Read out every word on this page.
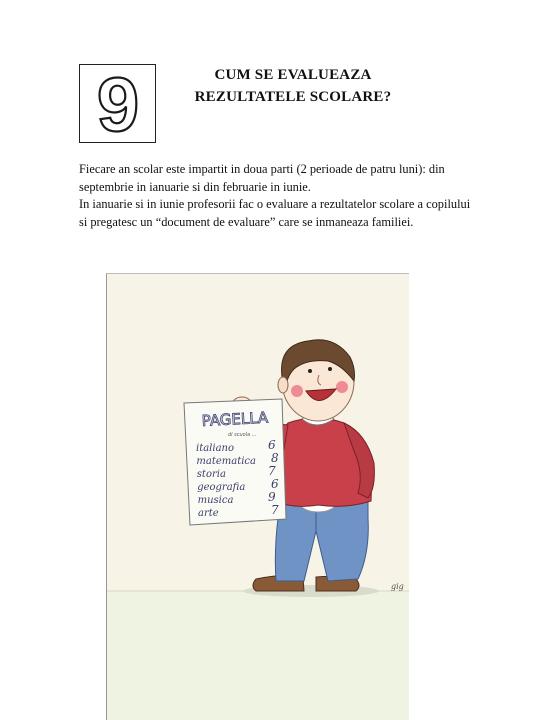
9	CUM SE EVALUEAZA
REZULTATELE SCOLARE?

Fiecare an scolar este impartit in doua parti (2 perioade de patru luni): din septembrie in ianuarie si din februarie in iunie.

In ianuarie si in iunie profesorii fac o evaluare a rezultatelor scolare a copilului si pregatesc un “document de evaluare” care se inmaneaza familiei.

PAGELLA
di scuola ...
italiano	6
matematica 8
storia	7
geografia 6
musica	9
arte	7
gig
